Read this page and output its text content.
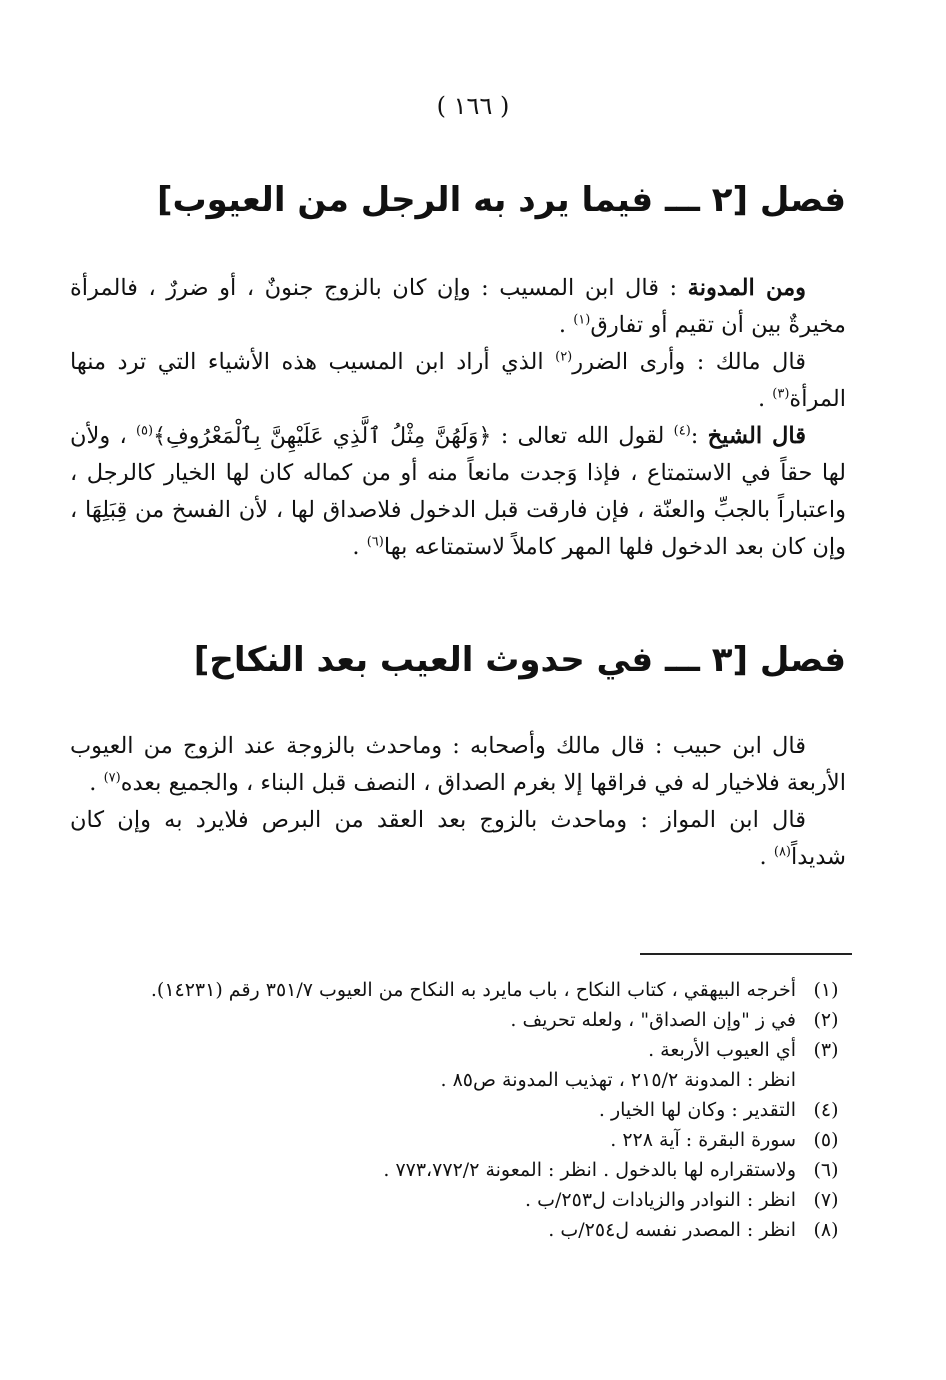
( ١٦٦ )
فصل [٢ ـــ فيما يرد به الرجل من العيوب]

ومن المدونة : قال ابن المسيب : وإن كان بالزوج جنونٌ ، أو ضررٌ ، فالمرأة مخيرةٌ بين أن تقيم أو تفارق$^{(١)}$ .

قال مالك : وأرى الضرر$^{(٢)}$ الذي أراد ابن المسيب هذه الأشياء التي ترد منها المرأة$^{(٣)}$ .

قال الشيخ :$^{(٤)}$ لقول الله تعالى : ﴿وَلَهُنَّ مِثْلُ ٱلَّذِي عَلَيْهِنَّ بِٱلْمَعْرُوفِ﴾$^{(٥)}$ ، ولأن لها حقاً في الاستمتاع ، فإذا وَجدت مانعاً منه أو من كماله كان لها الخيار كالرجل ، واعتباراً بالجبِّ والعنّة ، فإن فارقت قبل الدخول فلاصداق لها ، لأن الفسخ من قِبَلِهَا ، وإن كان بعد الدخول فلها المهر كاملاً لاستمتاعه بها$^{(٦)}$ .

فصل [٣ ـــ في حدوث العيب بعد النكاح]

قال ابن حبيب : قال مالك وأصحابه : وماحدث بالزوجة عند الزوج من العيوب الأربعة فلاخيار له في فراقها إلا بغرم الصداق ، النصف قبل البناء ، والجميع بعده$^{(٧)}$ .

قال ابن المواز : وماحدث بالزوج بعد العقد من البرص فلايرد به وإن كان شديداً$^{(٨)}$ .

(١)
أخرجه البيهقي ، كتاب النكاح ، باب مايرد به النكاح من العيوب ٣٥١/٧ رقم (١٤٢٣١).
(٢)
في ز "وإن الصداق" ، ولعله تحريف .
(٣)
أي العيوب الأربعة .
انظر : المدونة ٢١٥/٢ ، تهذيب المدونة ص٨٥ .
(٤)
التقدير : وكان لها الخيار .
(٥)
سورة البقرة : آية ٢٢٨ .
(٦)
ولاستقراره لها بالدخول . انظر : المعونة ٧٧٣،٧٧٢/٢ .
(٧)
انظر : النوادر والزيادات ل٢٥٣/ب .
(٨)
انظر : المصدر نفسه ل٢٥٤/ب .
